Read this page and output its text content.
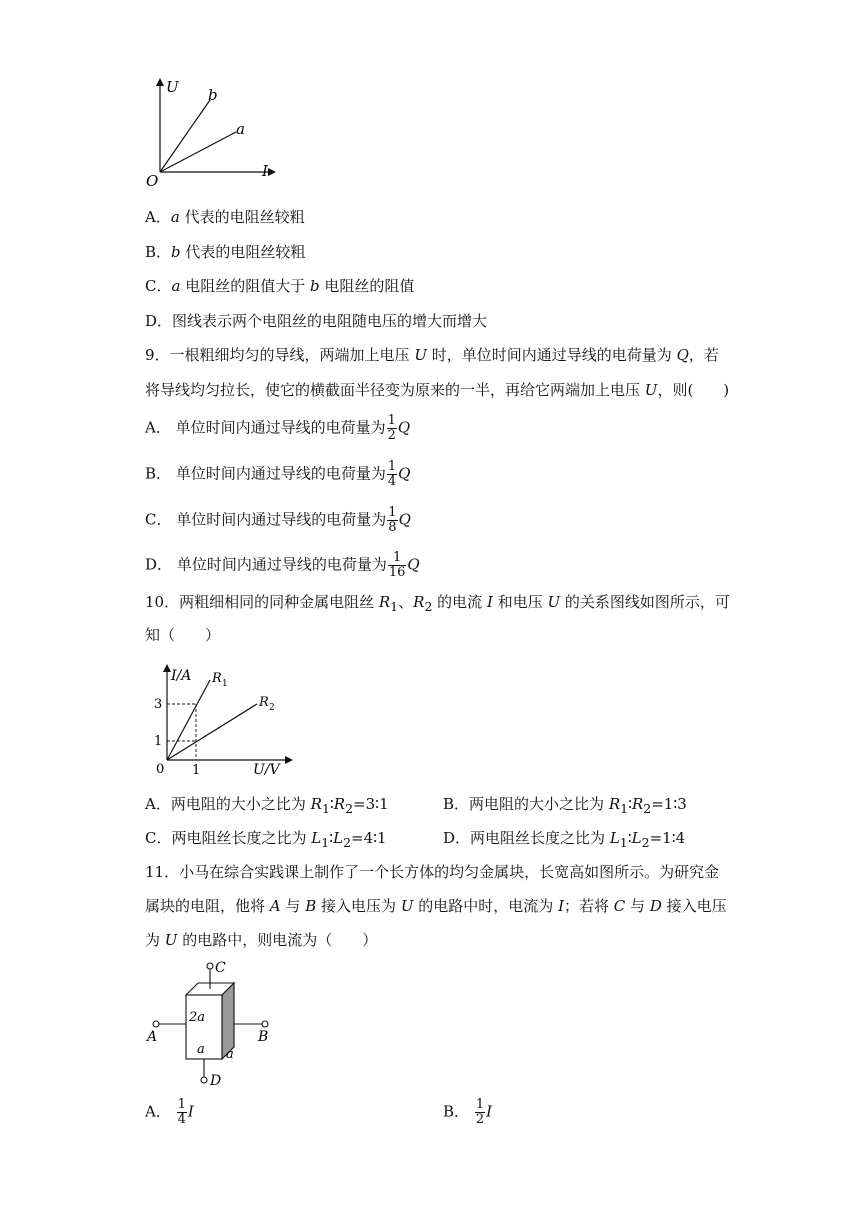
U
I
O
b
a
A．a 代表的电阻丝较粗
B．b 代表的电阻丝较粗
C．a 电阻丝的阻值大于 b 电阻丝的阻值
D．图线表示两个电阻丝的电阻随电压的增大而增大
9．一根粗细均匀的导线，两端加上电压 U 时，单位时间内通过导线的电荷量为 Q，若
将导线均匀拉长，使它的横截面半径变为原来的一半，再给它两端加上电压 U，则(　　)
A． 单位时间内通过导线的电荷量为 $\frac{1}{2}$ Q
B． 单位时间内通过导线的电荷量为 $\frac{1}{4}$ Q
C． 单位时间内通过导线的电荷量为 $\frac{1}{8}$ Q
D． 单位时间内通过导线的电荷量为 $\frac{1}{16}$ Q
10．两粗细相同的同种金属电阻丝 $R_1$、$R_2$ 的电流 I 和电压 U 的关系图线如图所示，可
知（　　）
I/A
U/V
0
3
1
1
R 1
R 2
A．两电阻的大小之比为 $R_1∶R_2=3∶1$	B．两电阻的大小之比为 $R_1∶R_2=1∶3$
C．两电阻丝长度之比为 $L_1∶L_2=4∶1$	D．两电阻丝长度之比为 $L_1∶L_2=1∶4$
11．小马在综合实践课上制作了一个长方体的均匀金属块，长宽高如图所示。为研究金
属块的电阻，他将 A 与 B 接入电压为 U 的电路中时，电流为 I；若将 C 与 D 接入电压
为 U 的电路中，则电流为（　　）
C
A	B
D
2a
a a
A． $\frac{1}{4}$ I	B． $\frac{1}{2}$ I
